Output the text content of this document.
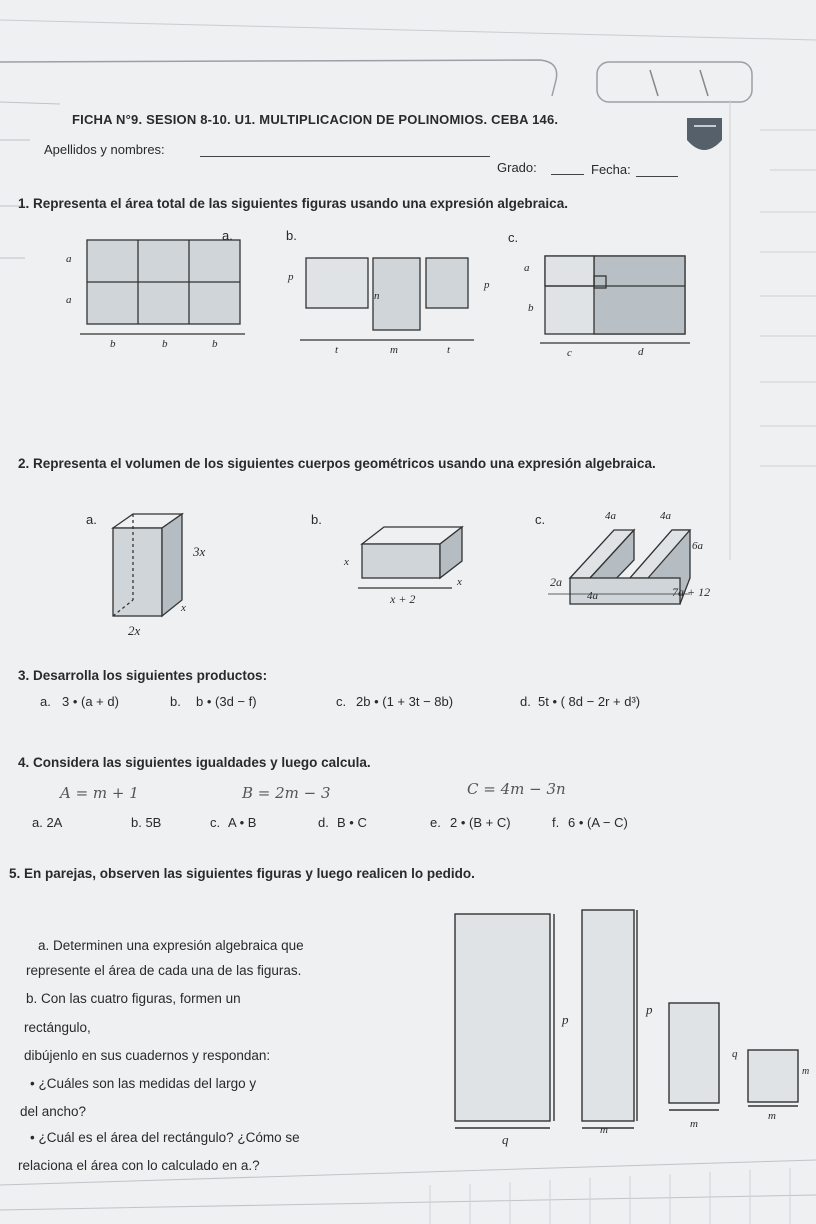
FICHA N°9. SESION 8-10. U1. MULTIPLICACION DE POLINOMIOS. CEBA 146.
Apellidos y nombres:
Grado:	Fecha:
1. Representa el área total de las siguientes figuras usando una expresión algebraica.
a.
a
a
b	b	b
b.
p
p
n
t	m	t
c.
a
b
c	d
2. Representa el volumen de los siguientes cuerpos geométricos usando una expresión algebraica.
a.
3x
x
2x
b.
x
x
x + 2
c.	4a	4a
6a
2a
4a	7a + 12
3. Desarrolla los siguientes productos:
a. 3 • (a + d)	b. b • (3d − f)	c. 2b • (1 + 3t − 8b)	d. 5t • ( 8d − 2r + d³)
4. Considera las siguientes igualdades y luego calcula.
A = m + 1	B = 2m − 3	C = 4m − 3n
a. 2A	b. 5B	c. A • B	d. B • C	e. 2 • (B + C)	f. 6 • (A − C)
5. En parejas, observen las siguientes figuras y luego realicen lo pedido.
a. Determinen una expresión algebraica que
represente el área de cada una de las figuras.
b. Con las cuatro figuras, formen un
rectángulo,
dibújenlo en sus cuadernos y respondan:
• ¿Cuáles son las medidas del largo y
del ancho?
• ¿Cuál es el área del rectángulo? ¿Cómo se
relaciona el área con lo calculado en a.?
p
p
q
q
m	m
m
m
